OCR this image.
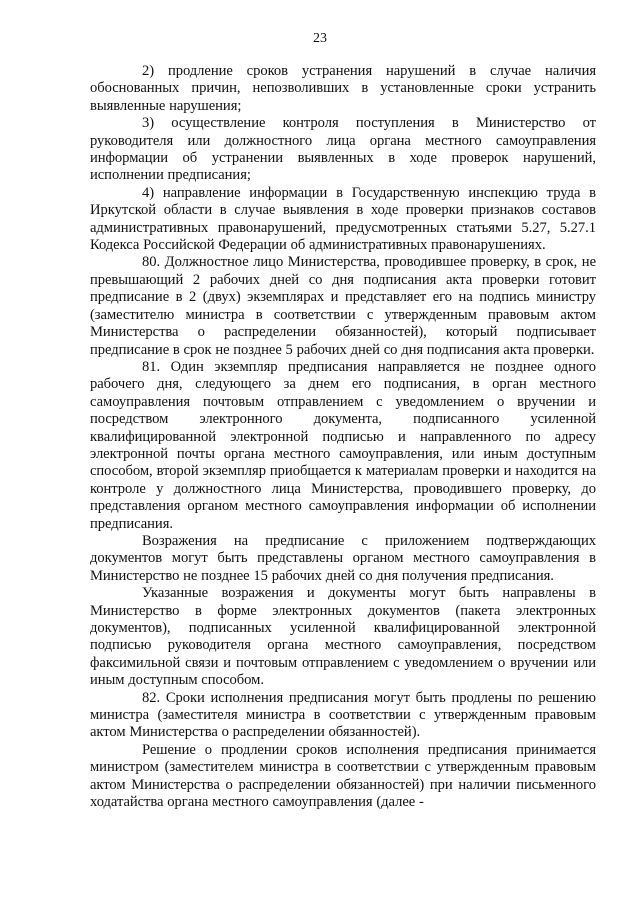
23

2) продление сроков устранения нарушений в случае наличия обоснованных причин, непозволивших в установленные сроки устранить выявленные нарушения;

3) осуществление контроля поступления в Министерство от руководителя или должностного лица органа местного самоуправления информации об устранении выявленных в ходе проверок нарушений, исполнении предписания;

4) направление информации в Государственную инспекцию труда в Иркутской области в случае выявления в ходе проверки признаков составов административных правонарушений, предусмотренных статьями 5.27, 5.27.1 Кодекса Российской Федерации об административных правонарушениях.

80. Должностное лицо Министерства, проводившее проверку, в срок, не превышающий 2 рабочих дней со дня подписания акта проверки готовит предписание в 2 (двух) экземплярах и представляет его на подпись министру (заместителю министра в соответствии с утвержденным правовым актом Министерства о распределении обязанностей), который подписывает предписание в срок не позднее 5 рабочих дней со дня подписания акта проверки.

81. Один экземпляр предписания направляется не позднее одного рабочего дня, следующего за днем его подписания, в орган местного самоуправления почтовым отправлением с уведомлением о вручении и посредством электронного документа, подписанного усиленной квалифицированной электронной подписью и направленного по адресу электронной почты органа местного самоуправления, или иным доступным способом, второй экземпляр приобщается к материалам проверки и находится на контроле у должностного лица Министерства, проводившего проверку, до представления органом местного самоуправления информации об исполнении предписания.

Возражения на предписание с приложением подтверждающих документов могут быть представлены органом местного самоуправления в Министерство не позднее 15 рабочих дней со дня получения предписания.

Указанные возражения и документы могут быть направлены в Министерство в форме электронных документов (пакета электронных документов), подписанных усиленной квалифицированной электронной подписью руководителя органа местного самоуправления, посредством факсимильной связи и почтовым отправлением с уведомлением о вручении или иным доступным способом.

82. Сроки исполнения предписания могут быть продлены по решению министра (заместителя министра в соответствии с утвержденным правовым актом Министерства о распределении обязанностей).

Решение о продлении сроков исполнения предписания принимается министром (заместителем министра в соответствии с утвержденным правовым актом Министерства о распределении обязанностей) при наличии письменного ходатайства органа местного самоуправления (далее -
